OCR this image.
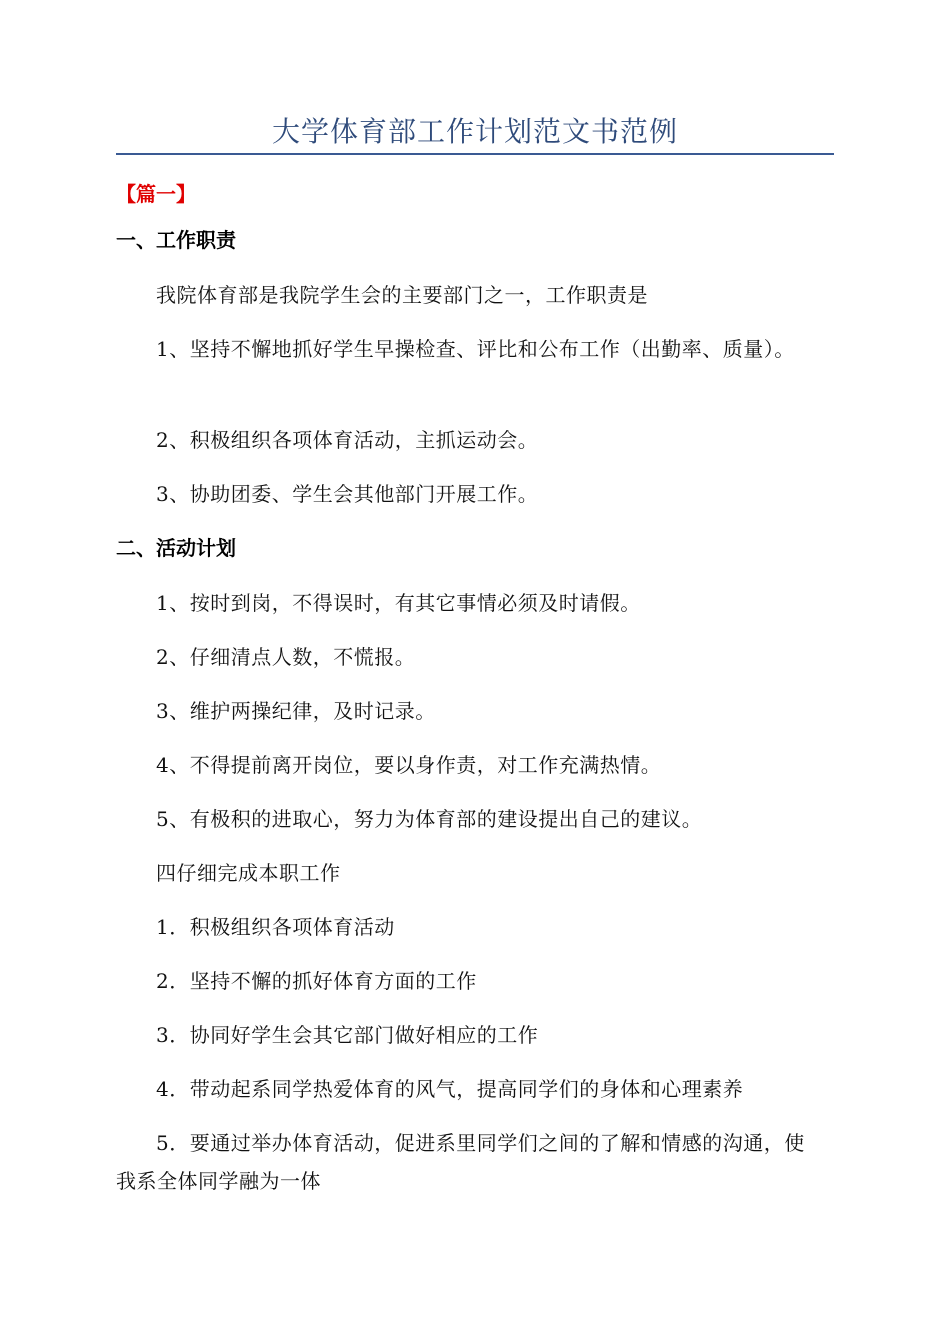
大学体育部工作计划范文书范例
【篇一】
一、工作职责
我院体育部是我院学生会的主要部门之一，工作职责是
1、坚持不懈地抓好学生早操检查、评比和公布工作（出勤率、质量）。
2、积极组织各项体育活动，主抓运动会。
3、协助团委、学生会其他部门开展工作。
二、活动计划
1、按时到岗，不得误时，有其它事情必须及时请假。
2、仔细清点人数，不慌报。
3、维护两操纪律，及时记录。
4、不得提前离开岗位，要以身作责，对工作充满热情。
5、有极积的进取心，努力为体育部的建设提出自己的建议。
四仔细完成本职工作
1．积极组织各项体育活动
2．坚持不懈的抓好体育方面的工作
3．协同好学生会其它部门做好相应的工作
4．带动起系同学热爱体育的风气，提高同学们的身体和心理素养
5．要通过举办体育活动，促进系里同学们之间的了解和情感的沟通，使我系全体同学融为一体
